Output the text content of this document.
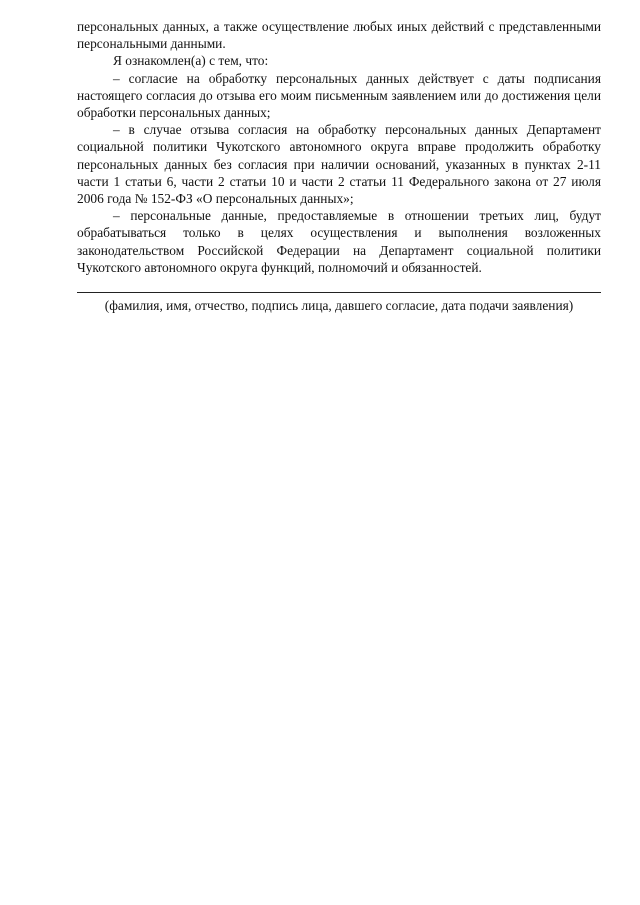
персональных данных, а также осуществление любых иных действий с представленными персональными данными.

Я ознакомлен(а) с тем, что:

– согласие на обработку персональных данных действует с даты подписания настоящего согласия до отзыва его моим письменным заявлением или до достижения цели обработки персональных данных;

– в случае отзыва согласия на обработку персональных данных Департамент социальной политики Чукотского автономного округа вправе продолжить обработку персональных данных без согласия при наличии оснований, указанных в пунктах 2-11 части 1 статьи 6, части 2 статьи 10 и части 2 статьи 11 Федерального закона от 27 июля 2006 года № 152-ФЗ «О персональных данных»;

– персональные данные, предоставляемые в отношении третьих лиц, будут обрабатываться только в целях осуществления и выполнения возложенных законодательством Российской Федерации на Департамент социальной политики Чукотского автономного округа функций, полномочий и обязанностей.

(фамилия, имя, отчество, подпись лица, давшего согласие, дата подачи заявления)
